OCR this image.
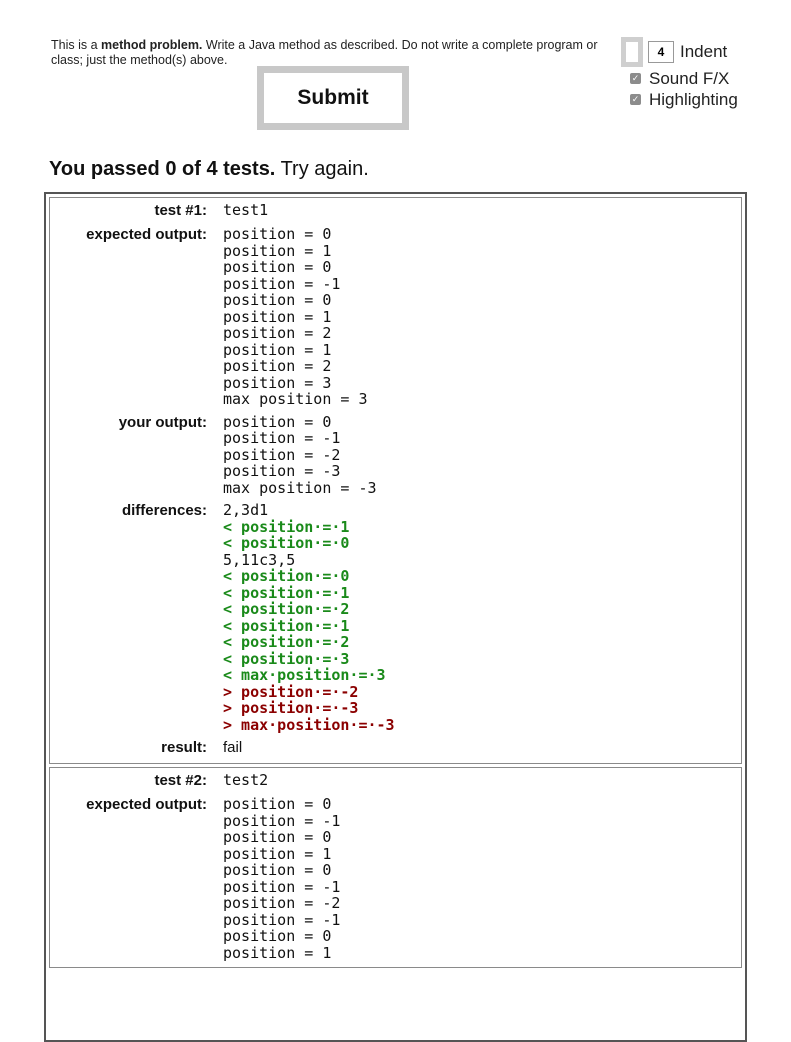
This is a method problem. Write a Java method as described. Do not write a complete program or class; just the method(s) above.
Submit
4
Indent
✓ Sound F/X
✓ Highlighting
You passed 0 of 4 tests. Try again.
test #1:	test1
expected output:	position = 0
position = 1
position = 0
position = -1
position = 0
position = 1
position = 2
position = 1
position = 2
position = 3
max position = 3
your output:	position = 0
position = -1
position = -2
position = -3
max position = -3
differences:	2,3d1
< position·=·1
< position·=·0
5,11c3,5
< position·=·0
< position·=·1
< position·=·2
< position·=·1
< position·=·2
< position·=·3
< max·position·=·3
> position·=·-2
> position·=·-3
> max·position·=·-3
result:	fail
test #2:	test2
expected output:	position = 0
position = -1
position = 0
position = 1
position = 0
position = -1
position = -2
position = -1
position = 0
position = 1
